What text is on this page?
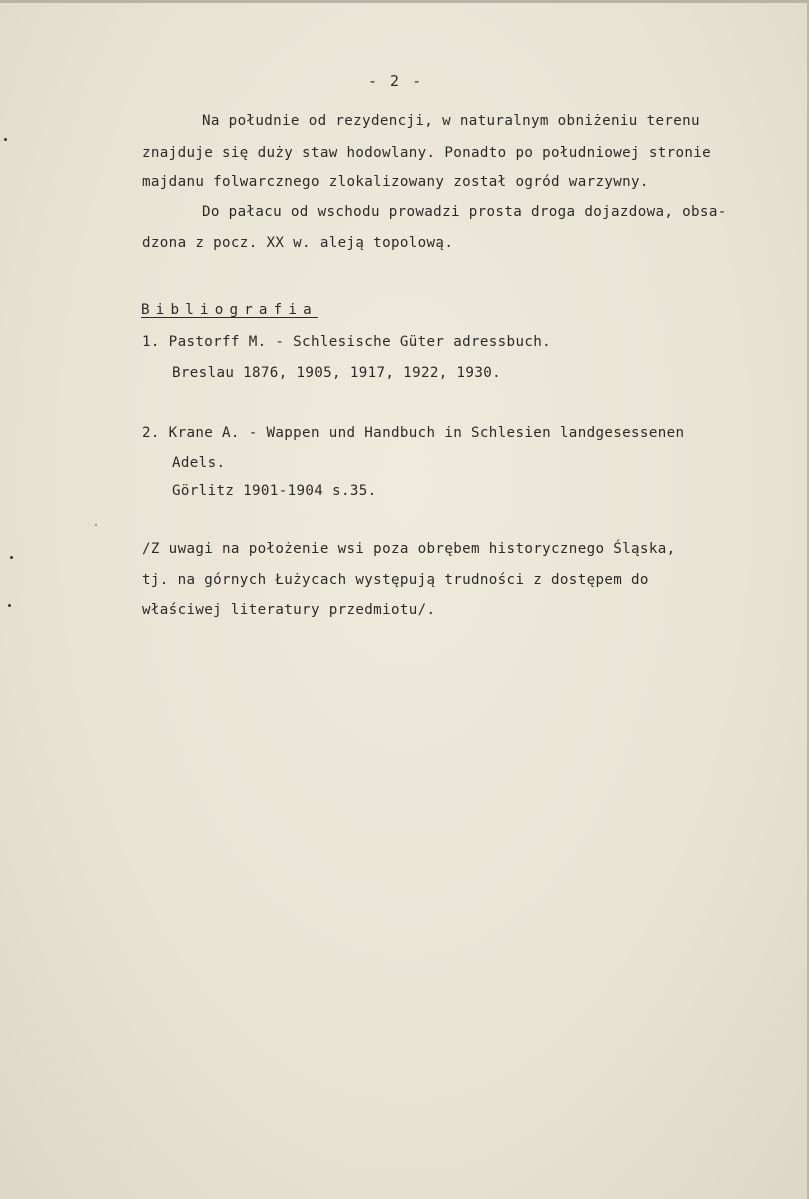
- 2 -
Na południe od rezydencji, w naturalnym obniżeniu terenu
znajduje się duży staw hodowlany. Ponadto po południowej stronie
majdanu folwarcznego zlokalizowany został ogród warzywny.
Do pałacu od wschodu prowadzi prosta droga dojazdowa, obsa-
dzona z pocz. XX w. aleją topolową.
Bibliografia
1. Pastorff M. - Schlesische Güter adressbuch.
Breslau 1876, 1905, 1917, 1922, 1930.
2. Krane A. - Wappen und Handbuch in Schlesien landgesessenen
Adels.
Görlitz 1901-1904 s.35.
/Z uwagi na położenie wsi poza obrębem historycznego Śląska,
tj. na górnych Łużycach występują trudności z dostępem do
właściwej literatury przedmiotu/.
